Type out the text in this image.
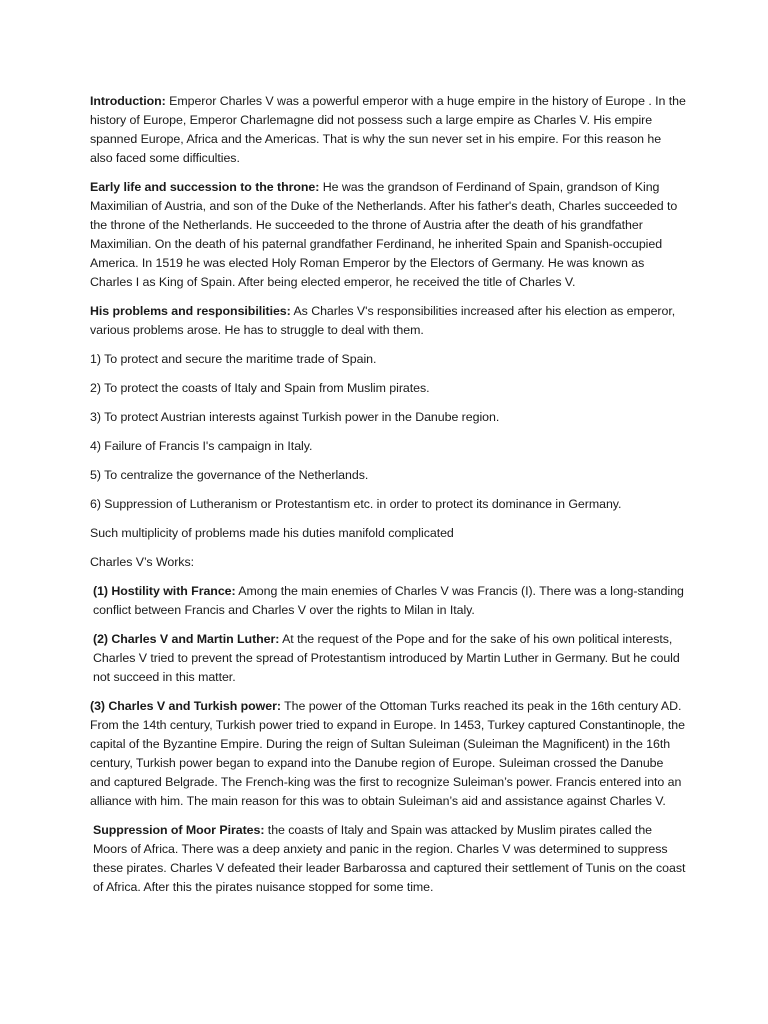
Introduction: Emperor Charles V was a powerful emperor with a huge empire in the history of Europe . In the history of Europe, Emperor Charlemagne did not possess such a large empire as Charles V. His empire spanned Europe, Africa and the Americas. That is why the sun never set in his empire. For this reason he also faced some difficulties.

Early life and succession to the throne: He was the grandson of Ferdinand of Spain, grandson of King Maximilian of Austria, and son of the Duke of the Netherlands. After his father's death, Charles succeeded to the throne of the Netherlands. He succeeded to the throne of Austria after the death of his grandfather Maximilian. On the death of his paternal grandfather Ferdinand, he inherited Spain and Spanish-occupied America. In 1519 he was elected Holy Roman Emperor by the Electors of Germany. He was known as Charles I as King of Spain. After being elected emperor, he received the title of Charles V.

His problems and responsibilities: As Charles V's responsibilities increased after his election as emperor, various problems arose. He has to struggle to deal with them.

1) To protect and secure the maritime trade of Spain.

2) To protect the coasts of Italy and Spain from Muslim pirates.

3) To protect Austrian interests against Turkish power in the Danube region.

4) Failure of Francis I's campaign in Italy.

5) To centralize the governance of the Netherlands.

6) Suppression of Lutheranism or Protestantism etc. in order to protect its dominance in Germany.

Such multiplicity of problems made his duties manifold complicated

Charles V’s Works:

(1) Hostility with France: Among the main enemies of Charles V was Francis (I). There was a long-standing conflict between Francis and Charles V over the rights to Milan in Italy.

(2) Charles V and Martin Luther: At the request of the Pope and for the sake of his own political interests, Charles V tried to prevent the spread of Protestantism introduced by Martin Luther in Germany. But he could not succeed in this matter.

(3) Charles V and Turkish power: The power of the Ottoman Turks reached its peak in the 16th century AD. From the 14th century, Turkish power tried to expand in Europe. In 1453, Turkey captured Constantinople, the capital of the Byzantine Empire. During the reign of Sultan Suleiman (Suleiman the Magnificent) in the 16th century, Turkish power began to expand into the Danube region of Europe. Suleiman crossed the Danube and captured Belgrade. The French-king was the first to recognize Suleiman’s power. Francis entered into an alliance with him. The main reason for this was to obtain Suleiman’s aid and assistance against Charles V.

Suppression of Moor Pirates: the coasts of Italy and Spain was attacked by Muslim pirates called the Moors of Africa. There was a deep anxiety and panic in the region. Charles V was determined to suppress these pirates. Charles V defeated their leader Barbarossa and captured their settlement of Tunis on the coast of Africa. After this the pirates nuisance stopped for some time.
